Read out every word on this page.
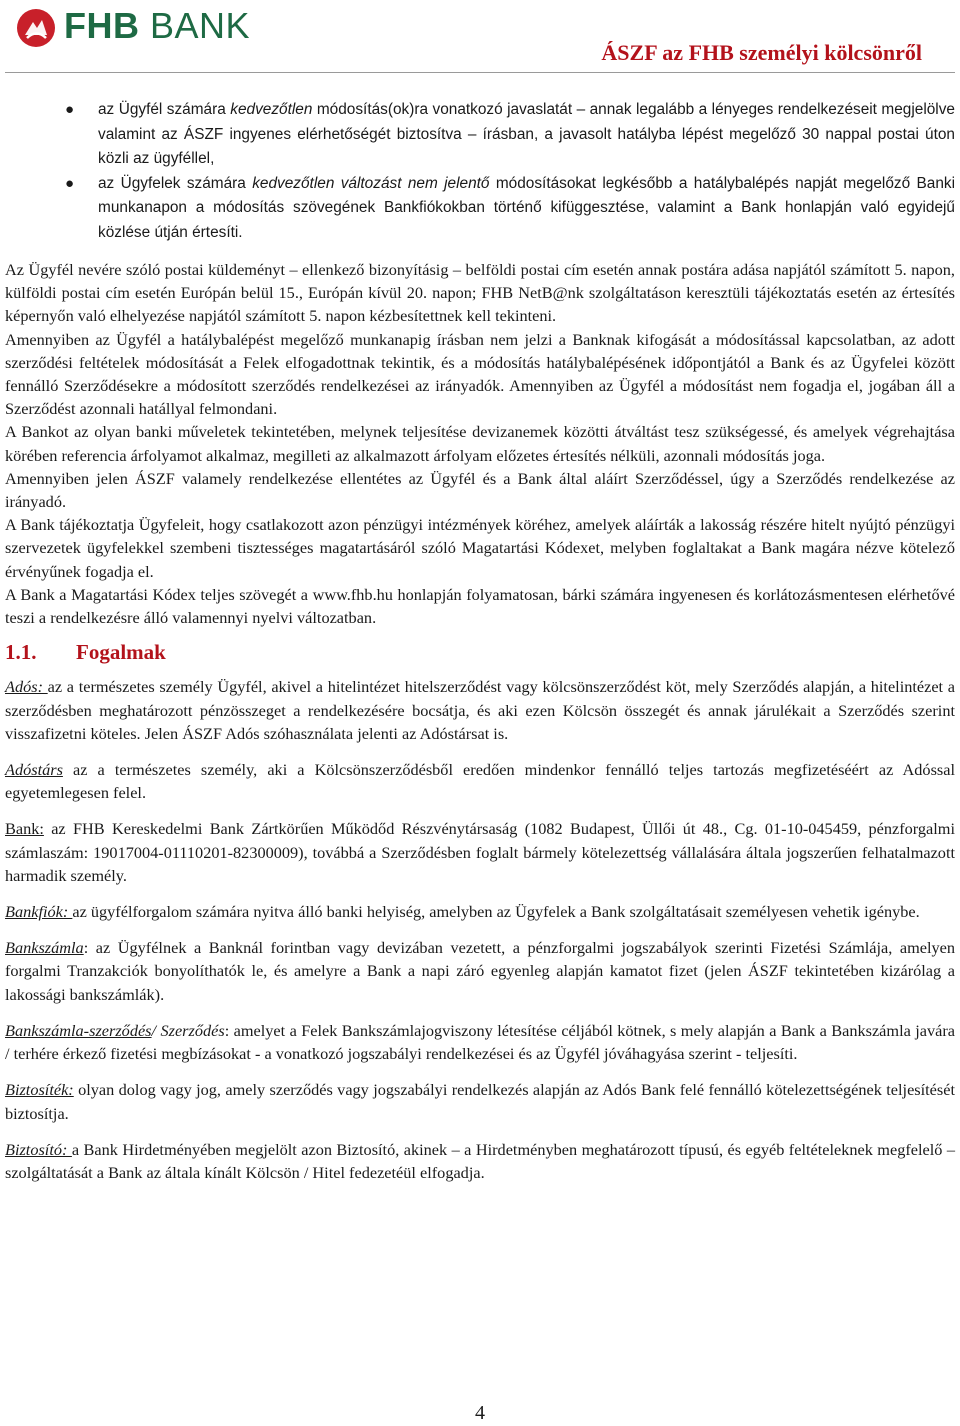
FHB BANK
ÁSZF az FHB személyi kölcsönről
● az Ügyfél számára kedvezőtlen módosítás(ok)ra vonatkozó javaslatát – annak legalább a lényeges rendelkezéseit megjelölve valamint az ÁSZF ingyenes elérhetőségét biztosítva – írásban, a javasolt hatályba lépést megelőző 30 nappal postai úton közli az ügyféllel,
● az Ügyfelek számára kedvezőtlen változást nem jelentő módosításokat legkésőbb a hatálybalépés napját megelőző Banki munkanapon a módosítás szövegének Bankfiókokban történő kifüggesztése, valamint a Bank honlapján való egyidejű közlése útján értesíti.

Az Ügyfél nevére szóló postai küldeményt – ellenkező bizonyításig – belföldi postai cím esetén annak postára adása napjától számított 5. napon, külföldi postai cím esetén Európán belül 15., Európán kívül 20. napon; FHB NetB@nk szolgáltatáson keresztüli tájékoztatás esetén az értesítés képernyőn való elhelyezése napjától számított 5. napon kézbesítettnek kell tekinteni.

Amennyiben az Ügyfél a hatálybalépést megelőző munkanapig írásban nem jelzi a Banknak kifogását a módosítással kapcsolatban, az adott szerződési feltételek módosítását a Felek elfogadottnak tekintik, és a módosítás hatálybalépésének időpontjától a Bank és az Ügyfelei között fennálló Szerződésekre a módosított szerződés rendelkezései az irányadók. Amennyiben az Ügyfél a módosítást nem fogadja el, jogában áll a Szerződést azonnali hatállyal felmondani.

A Bankot az olyan banki műveletek tekintetében, melynek teljesítése devizanemek közötti átváltást tesz szükségessé, és amelyek végrehajtása körében referencia árfolyamot alkalmaz, megilleti az alkalmazott árfolyam előzetes értesítés nélküli, azonnali módosítás joga.

Amennyiben jelen ÁSZF valamely rendelkezése ellentétes az Ügyfél és a Bank által aláírt Szerződéssel, úgy a Szerződés rendelkezése az irányadó.

A Bank tájékoztatja Ügyfeleit, hogy csatlakozott azon pénzügyi intézmények köréhez, amelyek aláírták a lakosság részére hitelt nyújtó pénzügyi szervezetek ügyfelekkel szembeni tisztességes magatartásáról szóló Magatartási Kódexet, melyben foglaltakat a Bank magára nézve kötelező érvényűnek fogadja el.

A Bank a Magatartási Kódex teljes szövegét a www.fhb.hu honlapján folyamatosan, bárki számára ingyenesen és korlátozásmentesen elérhetővé teszi a rendelkezésre álló valamennyi nyelvi változatban.

1.1. Fogalmak

Adós: az a természetes személy Ügyfél, akivel a hitelintézet hitelszerződést vagy kölcsönszerződést köt, mely Szerződés alapján, a hitelintézet a szerződésben meghatározott pénzösszeget a rendelkezésére bocsátja, és aki ezen Kölcsön összegét és annak járulékait a Szerződés szerint visszafizetni köteles. Jelen ÁSZF Adós szóhasználata jelenti az Adóstársat is.

Adóstárs az a természetes személy, aki a Kölcsönszerződésből eredően mindenkor fennálló teljes tartozás megfizetéséért az Adóssal egyetemlegesen felel.

Bank: az FHB Kereskedelmi Bank Zártkörűen Működőd Részvénytársaság (1082 Budapest, Üllői út 48., Cg. 01-10-045459, pénzforgalmi számlaszám: 19017004-01110201-82300009), továbbá a Szerződésben foglalt bármely kötelezettség vállalására általa jogszerűen felhatalmazott harmadik személy.

Bankfiók: az ügyfélforgalom számára nyitva álló banki helyiség, amelyben az Ügyfelek a Bank szolgáltatásait személyesen vehetik igénybe.

Bankszámla: az Ügyfélnek a Banknál forintban vagy devizában vezetett, a pénzforgalmi jogszabályok szerinti Fizetési Számlája, amelyen forgalmi Tranzakciók bonyolíthatók le, és amelyre a Bank a napi záró egyenleg alapján kamatot fizet (jelen ÁSZF tekintetében kizárólag a lakossági bankszámlák).

Bankszámla-szerződés/ Szerződés: amelyet a Felek Bankszámlajogviszony létesítése céljából kötnek, s mely alapján a Bank a Bankszámla javára / terhére érkező fizetési megbízásokat - a vonatkozó jogszabályi rendelkezései és az Ügyfél jóváhagyása szerint - teljesíti.

Biztosíték: olyan dolog vagy jog, amely szerződés vagy jogszabályi rendelkezés alapján az Adós Bank felé fennálló kötelezettségének teljesítését biztosítja.

Biztosító: a Bank Hirdetményében megjelölt azon Biztosító, akinek – a Hirdetményben meghatározott típusú, és egyéb feltételeknek megfelelő – szolgáltatását a Bank az általa kínált Kölcsön / Hitel fedezetéül elfogadja.

4
